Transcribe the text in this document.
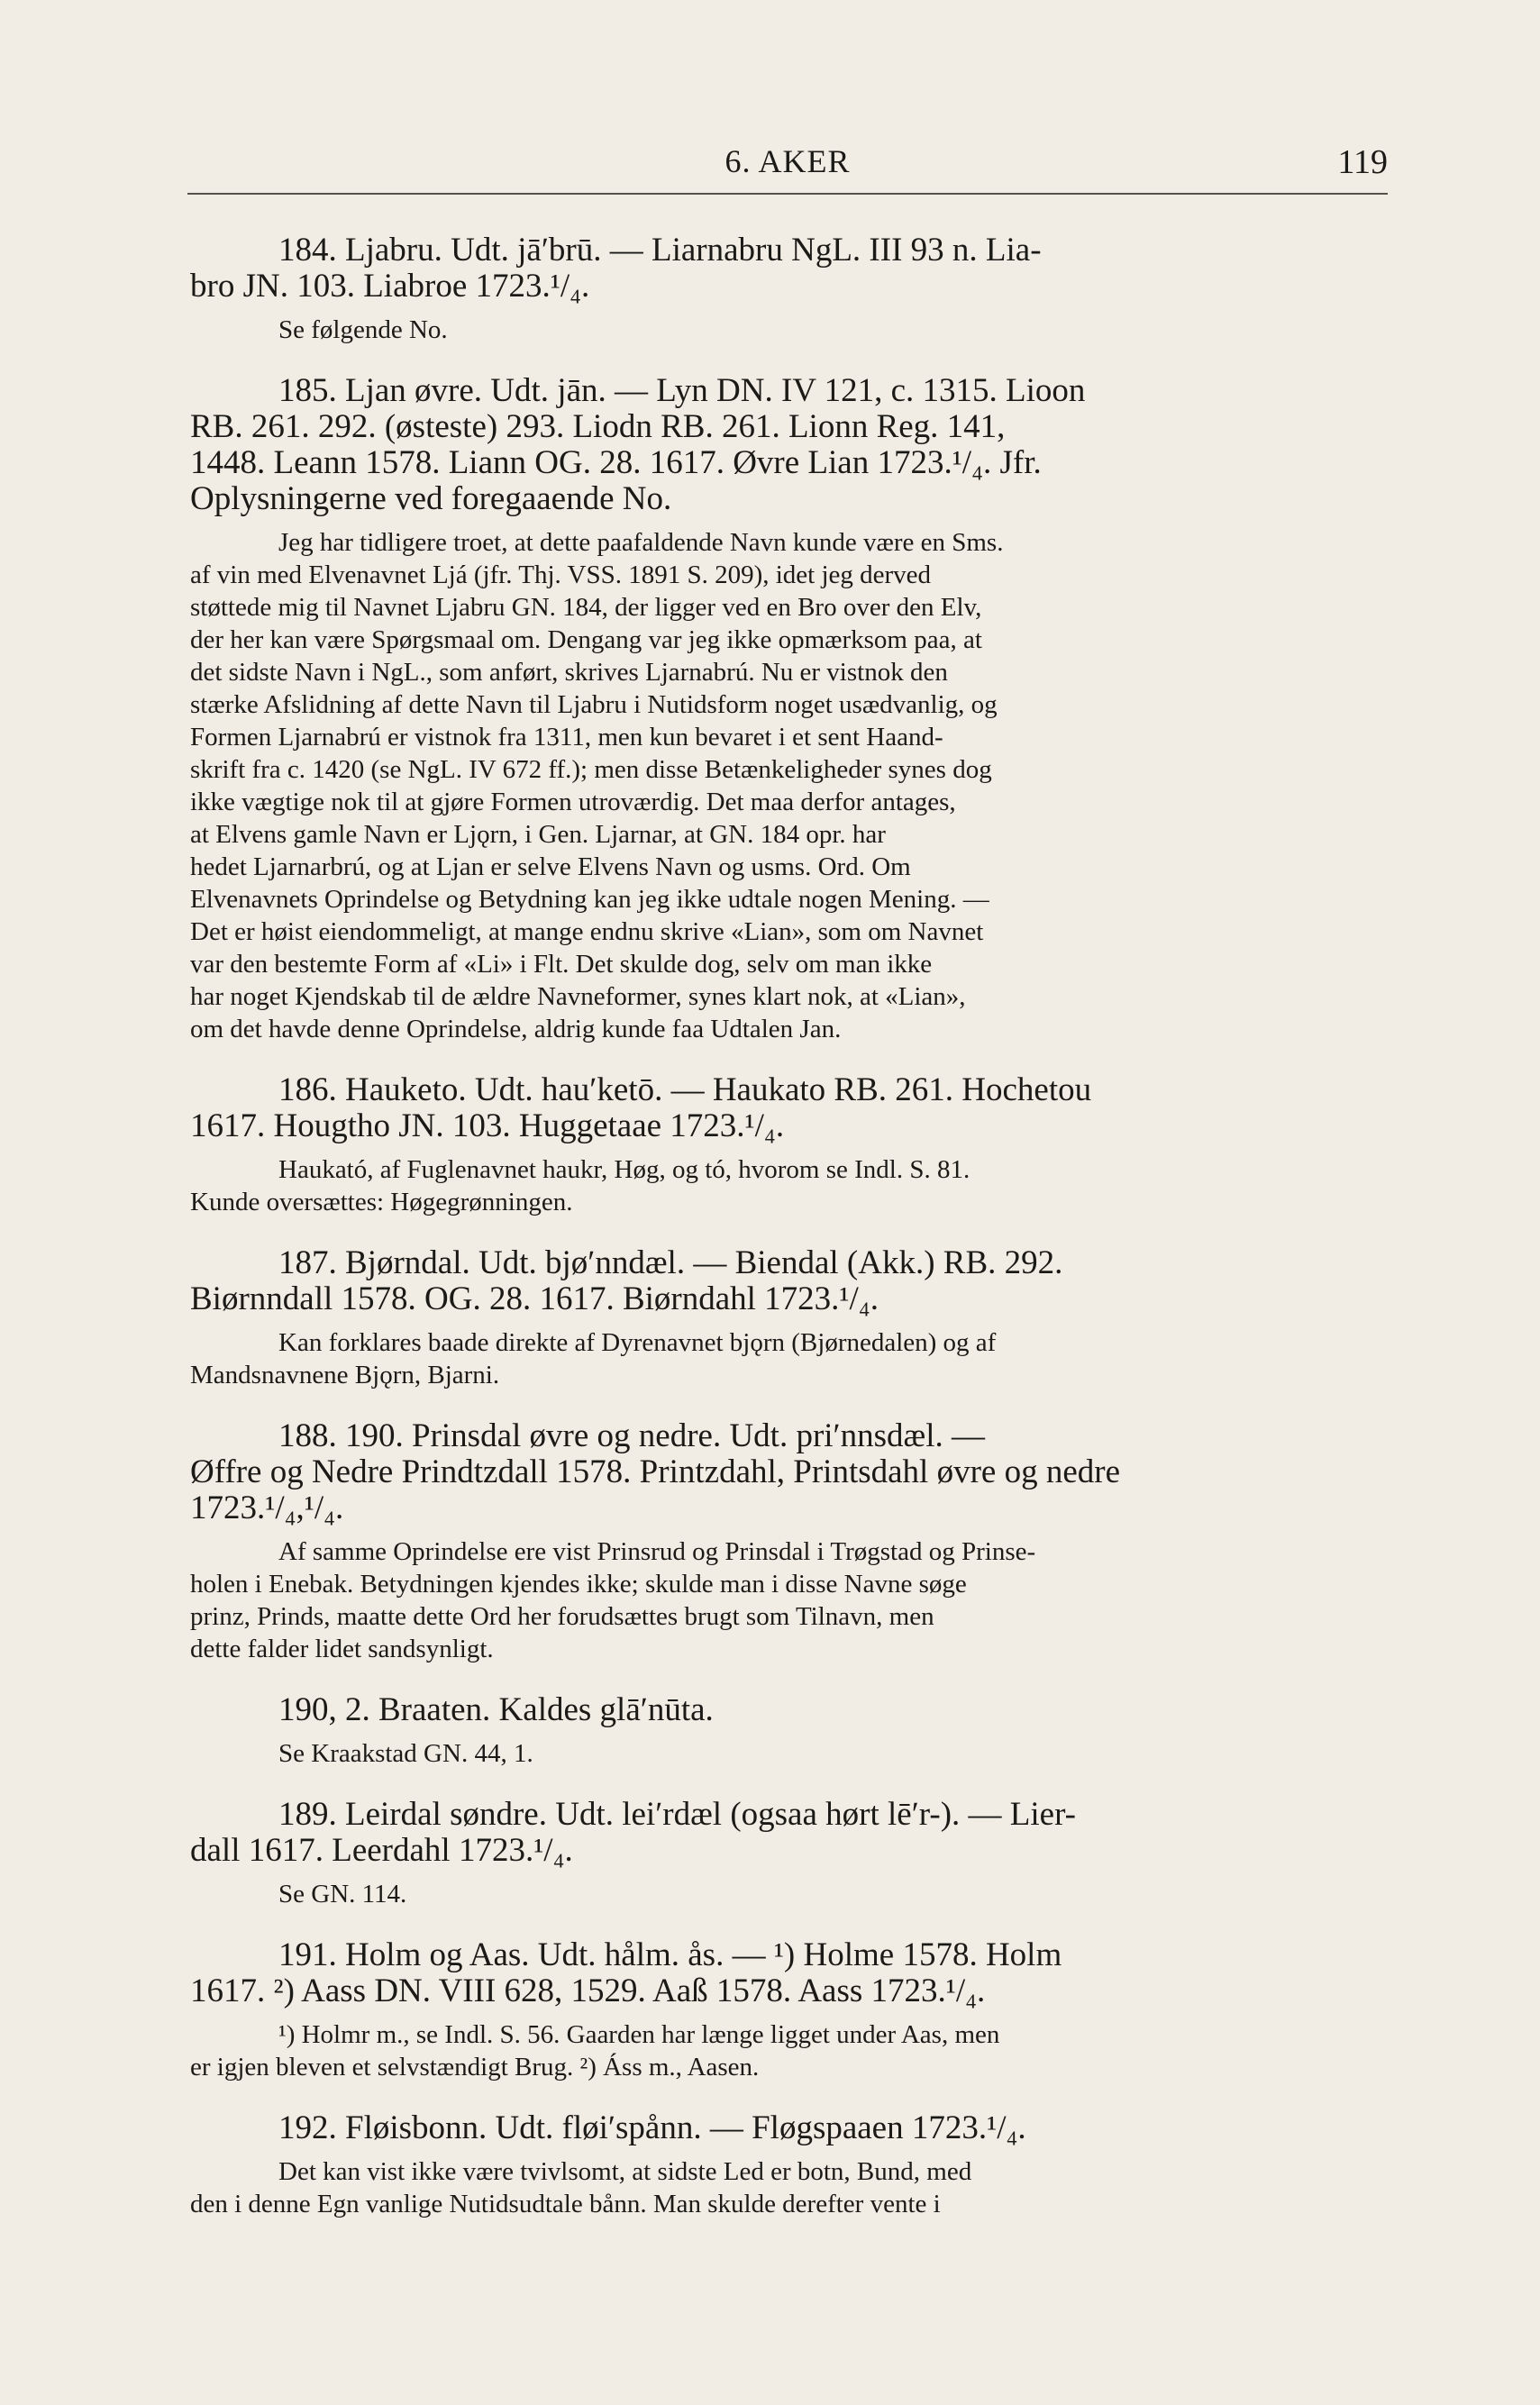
6. AKER	119
184. Ljabru. Udt. jāʹbrū. — Liarnabru NgL. III 93 n. Lia-
bro JN. 103. Liabroe 1723.¹/₄.
Se følgende No.
185. Ljan øvre. Udt. jān. — Lyn DN. IV 121, c. 1315. Lioon
RB. 261. 292. (østeste) 293. Liodn RB. 261. Lionn Reg. 141,
1448. Leann 1578. Liann OG. 28. 1617. Øvre Lian 1723.¹/₄. Jfr.
Oplysningerne ved foregaaende No.
Jeg har tidligere troet, at dette paafaldende Navn kunde være en Sms.
af vin med Elvenavnet Ljá (jfr. Thj. VSS. 1891 S. 209), idet jeg derved
støttede mig til Navnet Ljabru GN. 184, der ligger ved en Bro over den Elv,
der her kan være Spørgsmaal om. Dengang var jeg ikke opmærksom paa, at
det sidste Navn i NgL., som anført, skrives Ljarnabrú. Nu er vistnok den
stærke Afslidning af dette Navn til Ljabru i Nutidsform noget usædvanlig, og
Formen Ljarnabrú er vistnok fra 1311, men kun bevaret i et sent Haand-
skrift fra c. 1420 (se NgL. IV 672 ff.); men disse Betænkeligheder synes dog
ikke vægtige nok til at gjøre Formen utroværdig. Det maa derfor antages,
at Elvens gamle Navn er Ljǫrn, i Gen. Ljarnar, at GN. 184 opr. har
hedet Ljarnarbrú, og at Ljan er selve Elvens Navn og usms. Ord. Om
Elvenavnets Oprindelse og Betydning kan jeg ikke udtale nogen Mening. —
Det er høist eiendommeligt, at mange endnu skrive «Lian», som om Navnet
var den bestemte Form af «Li» i Flt. Det skulde dog, selv om man ikke
har noget Kjendskab til de ældre Navneformer, synes klart nok, at «Lian»,
om det havde denne Oprindelse, aldrig kunde faa Udtalen Jan.
186. Hauketo. Udt. hauʹketō. — Haukato RB. 261. Hochetou
1617. Hougtho JN. 103. Huggetaae 1723.¹/₄.
Haukató, af Fuglenavnet haukr, Høg, og tó, hvorom se Indl. S. 81.
Kunde oversættes: Høgegrønningen.
187. Bjørndal. Udt. bjøʹnndæl. — Biendal (Akk.) RB. 292.
Biørnndall 1578. OG. 28. 1617. Biørndahl 1723.¹/₄.
Kan forklares baade direkte af Dyrenavnet bjǫrn (Bjørnedalen) og af
Mandsnavnene Bjǫrn, Bjarni.
188. 190. Prinsdal øvre og nedre. Udt. priʹnnsdæl. —
Øffre og Nedre Prindtzdall 1578. Printzdahl, Printsdahl øvre og nedre
1723.¹/₄,¹/₄.
Af samme Oprindelse ere vist Prinsrud og Prinsdal i Trøgstad og Prinse-
holen i Enebak. Betydningen kjendes ikke; skulde man i disse Navne søge
prinz, Prinds, maatte dette Ord her forudsættes brugt som Tilnavn, men
dette falder lidet sandsynligt.
190, 2. Braaten. Kaldes glāʹnūta.
Se Kraakstad GN. 44, 1.
189. Leirdal søndre. Udt. leiʹrdæl (ogsaa hørt lēʹr-). — Lier-
dall 1617. Leerdahl 1723.¹/₄.
Se GN. 114.
191. Holm og Aas. Udt. hålm. ås. — ¹) Holme 1578. Holm
1617. ²) Aass DN. VIII 628, 1529. Aaß 1578. Aass 1723.¹/₄.
¹) Holmr m., se Indl. S. 56. Gaarden har længe ligget under Aas, men
er igjen bleven et selvstændigt Brug. ²) Áss m., Aasen.
192. Fløisbonn. Udt. fløiʹspånn. — Fløgspaaen 1723.¹/₄.
Det kan vist ikke være tvivlsomt, at sidste Led er botn, Bund, med
den i denne Egn vanlige Nutidsudtale bånn. Man skulde derefter vente i
